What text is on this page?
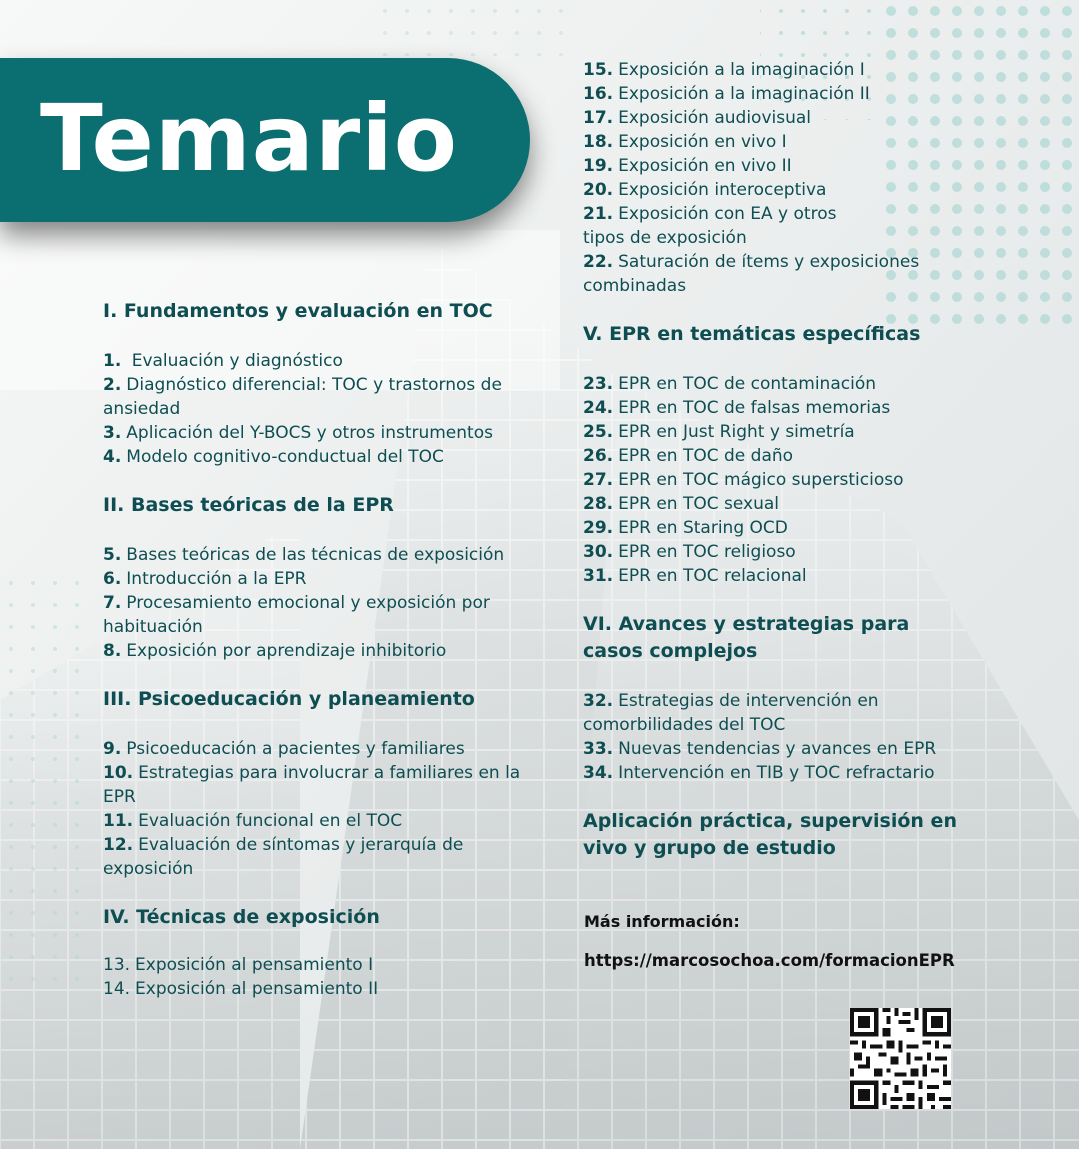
Temario

I. Fundamentos y evaluación en TOC

1. Evaluación y diagnóstico
2. Diagnóstico diferencial: TOC y trastornos de ansiedad
3. Aplicación del Y-BOCS y otros instrumentos
4. Modelo cognitivo-conductual del TOC

II. Bases teóricas de la EPR

5. Bases teóricas de las técnicas de exposición
6. Introducción a la EPR
7. Procesamiento emocional y exposición por habituación
8. Exposición por aprendizaje inhibitorio

III. Psicoeducación y planeamiento

9. Psicoeducación a pacientes y familiares
10. Estrategias para involucrar a familiares en la EPR
11. Evaluación funcional en el TOC
12. Evaluación de síntomas y jerarquía de exposición

IV. Técnicas de exposición

13. Exposición al pensamiento I
14. Exposición al pensamiento II
15. Exposición a la imaginación I
16. Exposición a la imaginación II
17. Exposición audiovisual
18. Exposición en vivo I
19. Exposición en vivo II
20. Exposición interoceptiva
21. Exposición con EA y otros tipos de exposición
22. Saturación de ítems y exposiciones combinadas

V. EPR en temáticas específicas

23. EPR en TOC de contaminación
24. EPR en TOC de falsas memorias
25. EPR en Just Right y simetría
26. EPR en TOC de daño
27. EPR en TOC mágico supersticioso
28. EPR en TOC sexual
29. EPR en Staring OCD
30. EPR en TOC religioso
31. EPR en TOC relacional

VI. Avances y estrategias para casos complejos

32. Estrategias de intervención en comorbilidades del TOC
33. Nuevas tendencias y avances en EPR
34. Intervención en TIB y TOC refractario

Aplicación práctica, supervisión en vivo y grupo de estudio

Más información:

https://marcosochoa.com/formacionEPR
